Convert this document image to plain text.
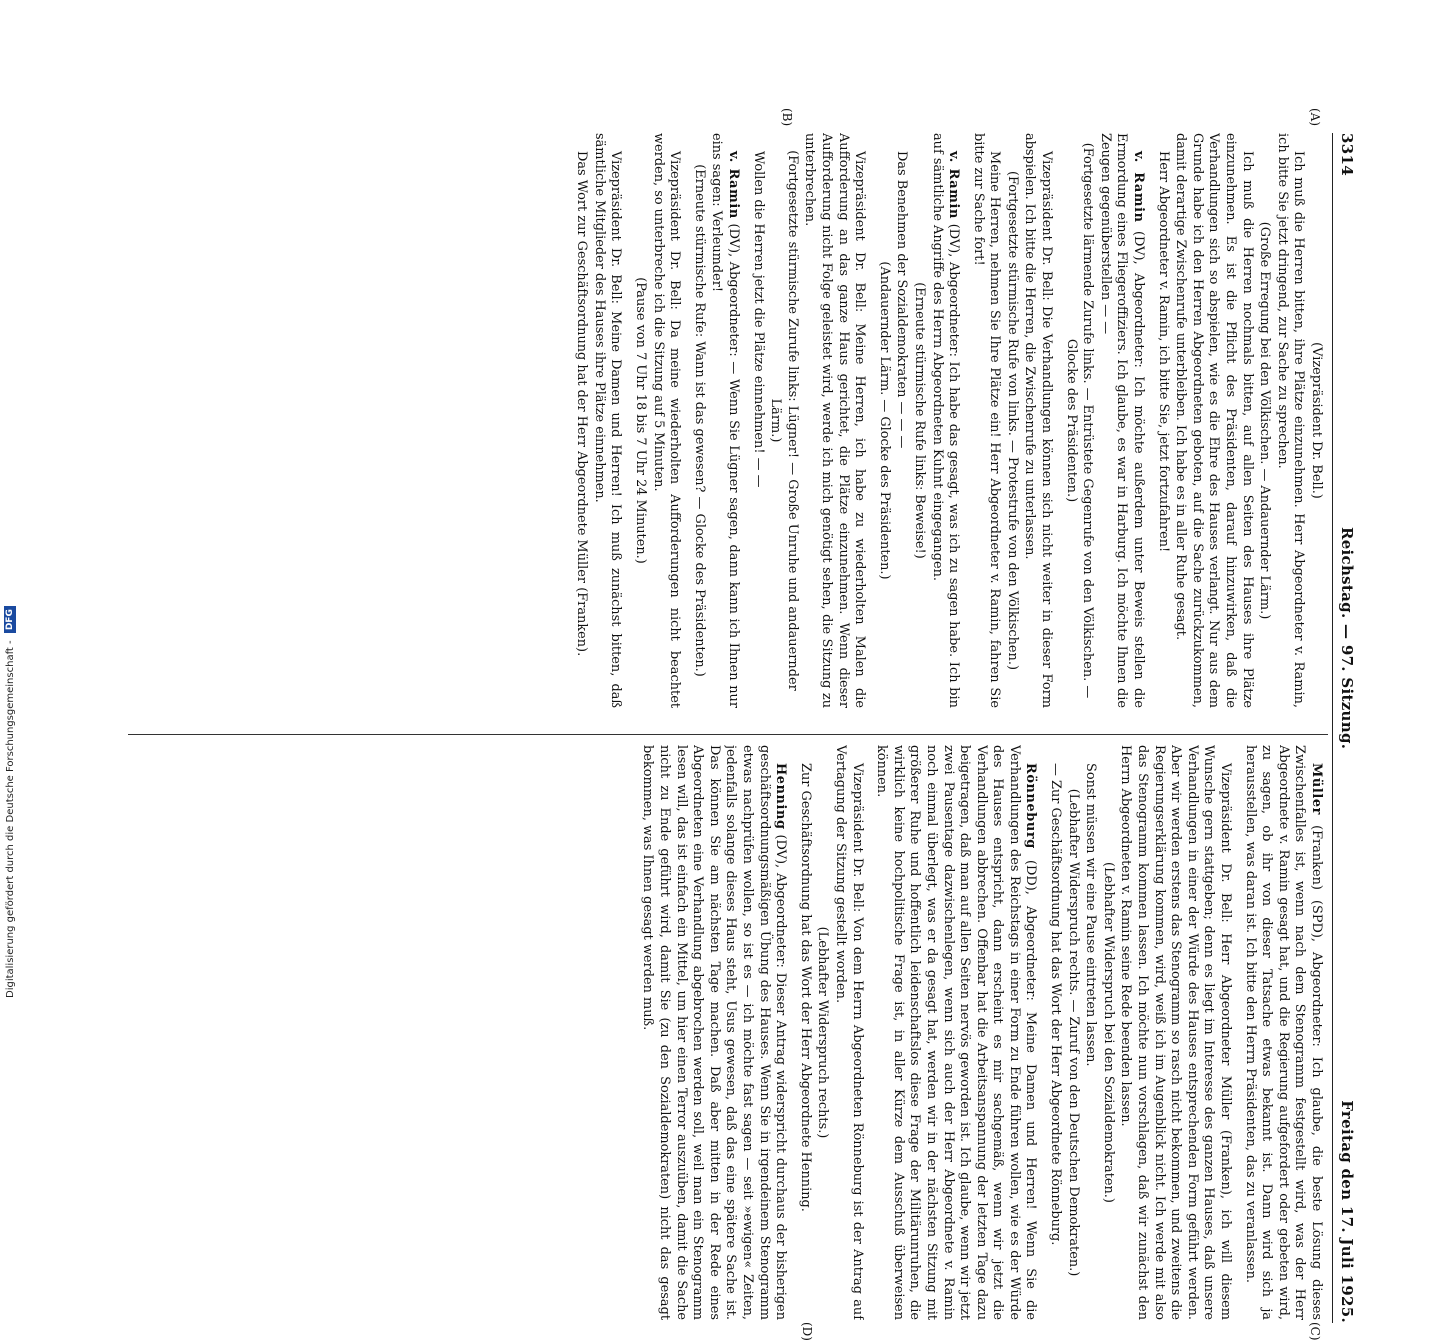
3314
Reichstag. — 97. Sitzung.
Freitag den 17. Juli 1925.
(A)
(B)
(C)
(D)

(Vizepräsident Dr. Bell.)

Ich muß die Herren bitten, ihre Plätze einzunehmen. Herr Abgeordneter v. Ramin, ich bitte Sie jetzt dringend, zur Sache zu sprechen.

(Große Erregung bei den Völkischen. — Andauernder Lärm.)

Ich muß die Herren nochmals bitten, auf allen Seiten des Hauses ihre Plätze einzunehmen. Es ist die Pflicht des Präsidenten, darauf hinzuwirken, daß die Verhandlungen sich so abspielen, wie es die Ehre des Hauses verlangt. Nur aus dem Grunde habe ich den Herren Abgeordneten geboten, auf die Sache zurückzukommen, damit derartige Zwischenrufe unterbleiben. Ich habe es in aller Ruhe gesagt.

Herr Abgeordneter v. Ramin, ich bitte Sie, jetzt fortzufahren!

v. Ramin (DV), Abgeordneter: Ich möchte außerdem unter Beweis stellen die Ermordung eines Fliegeroffiziers. Ich glaube, es war in Harburg. Ich möchte Ihnen die Zeugen gegenüberstellen — —

(Fortgesetzte lärmende Zurufe links. — Entrüstete Gegenrufe von den Völkischen. — Glocke des Präsidenten.)

Vizepräsident Dr. Bell: Die Verhandlungen können sich nicht weiter in dieser Form abspielen. Ich bitte die Herren, die Zwischenrufe zu unterlassen.

(Fortgesetzte stürmische Rufe von links. — Protestrufe von den Völkischen.)

Meine Herren, nehmen Sie Ihre Plätze ein! Herr Abgeordneter v. Ramin, fahren Sie bitte zur Sache fort!

v. Ramin (DV), Abgeordneter: Ich habe das gesagt, was ich zu sagen habe. Ich bin auf sämtliche Angriffe des Herrn Abgeordneten Kuhnt eingegangen.

(Erneute stürmische Rufe links: Beweise!)

Das Benehmen der Sozialdemokraten — — —

(Andauernder Lärm. — Glocke des Präsidenten.)

Vizepräsident Dr. Bell: Meine Herren, ich habe zu wiederholten Malen die Aufforderung an das ganze Haus gerichtet, die Plätze einzunehmen. Wenn dieser Aufforderung nicht Folge geleistet wird, werde ich mich genötigt sehen, die Sitzung zu unterbrechen.

(Fortgesetzte stürmische Zurufe links: Lügner! — Große Unruhe und andauernder Lärm.)

Wollen die Herren jetzt die Plätze einnehmen! — —

v. Ramin (DV), Abgeordneter: — Wenn Sie Lügner sagen, dann kann ich Ihnen nur eins sagen: Verleumder!

(Erneute stürmische Rufe: Wann ist das gewesen? — Glocke des Präsidenten.)

Vizepräsident Dr. Bell: Da meine wiederholten Aufforderungen nicht beachtet werden, so unterbreche ich die Sitzung auf 5 Minuten.

(Pause von 7 Uhr 18 bis 7 Uhr 24 Minuten.)

Vizepräsident Dr. Bell: Meine Damen und Herren! Ich muß zunächst bitten, daß sämtliche Mitglieder des Hauses ihre Plätze einnehmen.

Das Wort zur Geschäftsordnung hat der Herr Abgeordnete Müller (Franken).

Müller (Franken) (SPD), Abgeordneter: Ich glaube, die beste Lösung dieses Zwischenfalles ist, wenn nach dem Stenogramm festgestellt wird, was der Herr Abgeordnete v. Ramin gesagt hat, und die Regierung aufgefordert oder gebeten wird, zu sagen, ob ihr von dieser Tatsache etwas bekannt ist. Dann wird sich ja herausstellen, was daran ist. Ich bitte den Herrn Präsidenten, das zu veranlassen.

Vizepräsident Dr. Bell: Herr Abgeordneter Müller (Franken), ich will diesem Wunsche gern stattgeben; denn es liegt im Interesse des ganzen Hauses, daß unsere Verhandlungen in einer der Würde des Hauses entsprechenden Form geführt werden. Aber wir werden erstens das Stenogramm so rasch nicht bekommen, und zweitens die Regierungserklärung kommen, wird, weiß ich im Augenblick nicht. Ich werde mit also das Stenogramm kommen lassen. Ich möchte nun vorschlagen, daß wir zunächst den Herrn Abgeordneten v. Ramin seine Rede beenden lassen.

(Lebhafter Widerspruch bei den Sozialdemokraten.)

Sonst müssen wir eine Pause eintreten lassen.

(Lebhafter Widerspruch rechts. — Zuruf von den Deutschen Demokraten.)

— Zur Geschäftsordnung hat das Wort der Herr Abgeordnete Rönneburg.

Rönneburg (DD), Abgeordneter: Meine Damen und Herren! Wenn Sie die Verhandlungen des Reichstags in einer Form zu Ende führen wollen, wie es der Würde des Hauses entspricht, dann erscheint es mir sachgemäß, wenn wir jetzt die Verhandlungen abbrechen. Offenbar hat die Arbeitsanspannung der letzten Tage dazu beigetragen, daß man auf allen Seiten nervös geworden ist. Ich glaube, wenn wir jetzt zwei Pausentage dazwischenlegen, wenn sich auch der Herr Abgeordnete v. Ramin noch einmal überlegt, was er da gesagt hat, werden wir in der nächsten Sitzung mit größerer Ruhe und hoffentlich leidenschaftslos diese Frage der Militärunruhen, die wirklich keine hochpolitische Frage ist, in aller Kürze dem Ausschuß überweisen können.

Vizepräsident Dr. Bell: Von dem Herrn Abgeordneten Rönneburg ist der Antrag auf Vertagung der Sitzung gestellt worden.

(Lebhafter Widerspruch rechts.)

Zur Geschäftsordnung hat das Wort der Herr Abgeordnete Henning.

Henning (DV), Abgeordneter: Dieser Antrag widerspricht durchaus der bisherigen geschäftsordnungsmäßigen Übung des Hauses. Wenn Sie in irgendeinem Stenogramm etwas nachprüfen wollen, so ist es — ich möchte fast sagen — seit »ewigen« Zeiten, jedenfalls solange dieses Haus steht, Usus gewesen, daß das eine spätere Sache ist. Das können Sie am nächsten Tage machen. Daß aber mitten in der Rede eines Abgeordneten eine Verhandlung abgebrochen werden soll, weil man ein Stenogramm lesen will, das ist einfach ein Mittel, um hier einen Terror auszuüben, damit die Sache nicht zu Ende geführt wird, damit Sie (zu den Sozialdemokraten) nicht das gesagt bekommen, was Ihnen gesagt werden muß.

Digitalisierung gefördert durch die Deutsche Forschungsgemeinschaft - DFG
